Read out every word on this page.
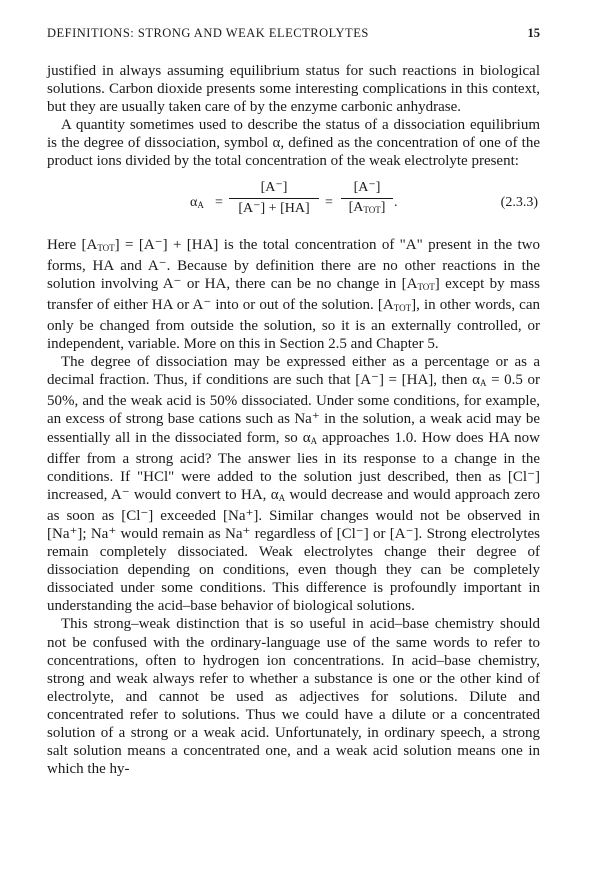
DEFINITIONS: STRONG AND WEAK ELECTROLYTES	15

justified in always assuming equilibrium status for such reactions in biological solutions. Carbon dioxide presents some interesting complications in this context, but they are usually taken care of by the enzyme carbonic anhydrase.

A quantity sometimes used to describe the status of a dissociation equilibrium is the degree of dissociation, symbol α, defined as the concentration of one of the product ions divided by the total concentration of the weak electrolyte present:

$\alpha_A = \frac{[A^-]}{[A^-] + [HA]}$ =
[A⁻]
$[A_{TOT}]$ .	(2.3.3)

Here $[A_{TOT}] = [A^-] + [HA]$ is the total concentration of "A" present in the two forms, HA and A⁻. Because by definition there are no other reactions in the solution involving A⁻ or HA, there can be no change in $[A_{TOT}]$ except by mass transfer of either HA or A⁻ into or out of the solution. $[A_{TOT}]$, in other words, can only be changed from outside the solution, so it is an externally controlled, or independent, variable. More on this in Section 2.5 and Chapter 5.

The degree of dissociation may be expressed either as a percentage or as a decimal fraction. Thus, if conditions are such that [A⁻] = [HA], then $\alpha_A = 0.5$ or 50%, and the weak acid is 50% dissociated. Under some conditions, for example, an excess of strong base cations such as Na⁺ in the solution, a weak acid may be essentially all in the dissociated form, so $\alpha_A$ approaches 1.0. How does HA now differ from a strong acid? The answer lies in its response to a change in the conditions. If "HCl" were added to the solution just described, then as [Cl⁻] increased, A⁻ would convert to HA, $\alpha_A$ would decrease and would approach zero as soon as [Cl⁻] exceeded [Na⁺]. Similar changes would not be observed in [Na⁺]; Na⁺ would remain as Na⁺ regardless of [Cl⁻] or [A⁻]. Strong electrolytes remain completely dissociated. Weak electrolytes change their degree of dissociation depending on conditions, even though they can be completely dissociated under some conditions. This difference is profoundly important in understanding the acid–base behavior of biological solutions.

This strong–weak distinction that is so useful in acid–base chemistry should not be confused with the ordinary-language use of the same words to refer to concentrations, often to hydrogen ion concentrations. In acid–base chemistry, strong and weak always refer to whether a substance is one or the other kind of electrolyte, and cannot be used as adjectives for solutions. Dilute and concentrated refer to solutions. Thus we could have a dilute or a concentrated solution of a strong or a weak acid. Unfortunately, in ordinary speech, a strong salt solution means a concentrated one, and a weak acid solution means one in which the hy-
